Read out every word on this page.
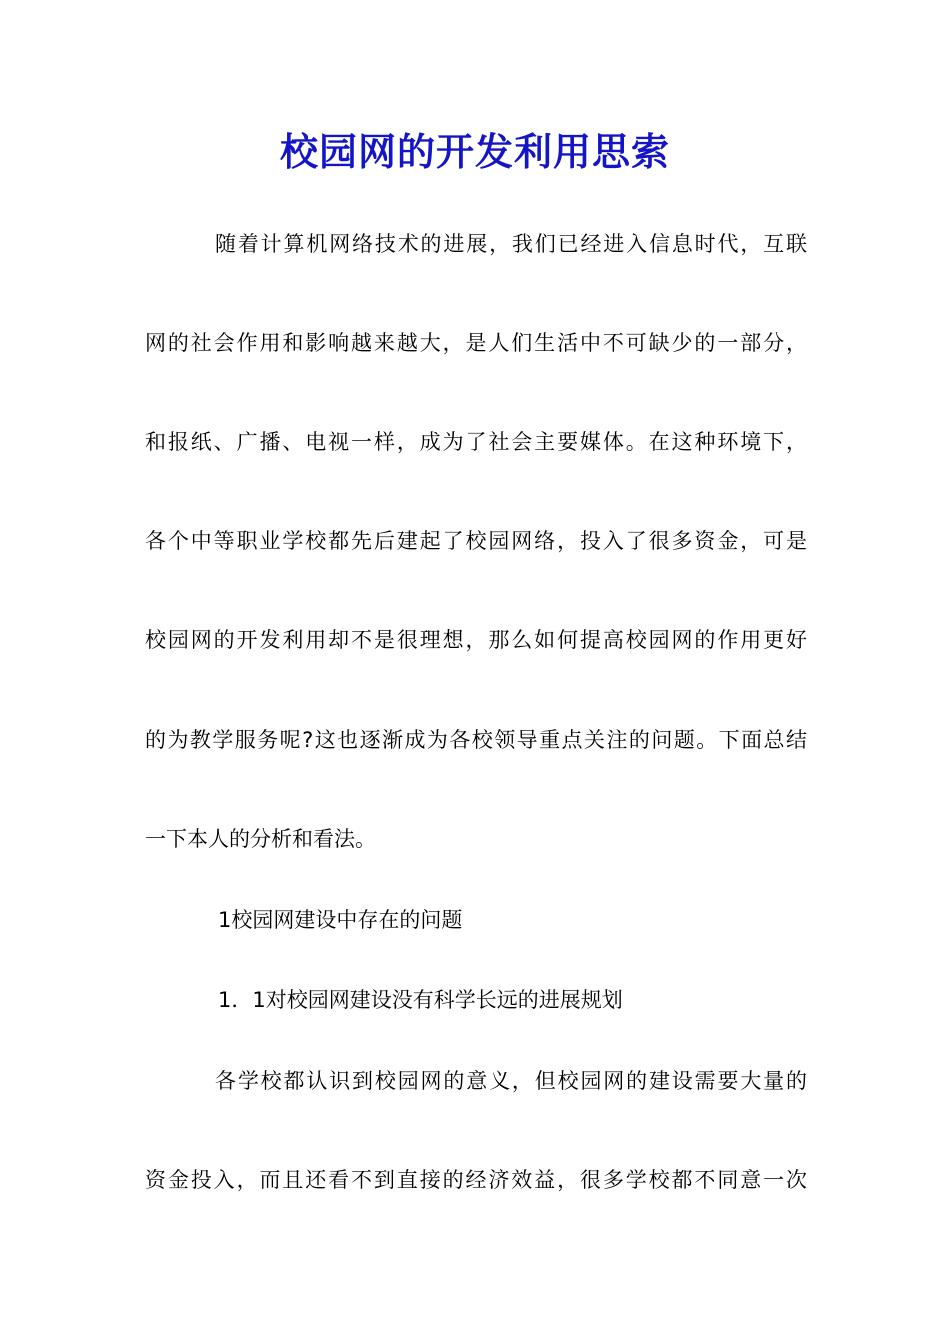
校园网的开发利用思索

随着计算机网络技术的进展，我们已经进入信息时代，互联

网的社会作用和影响越来越大，是人们生活中不可缺少的一部分，

和报纸、广播、电视一样，成为了社会主要媒体。在这种环境下，

各个中等职业学校都先后建起了校园网络，投入了很多资金，可是

校园网的开发利用却不是很理想，那么如何提高校园网的作用更好

的为教学服务呢?这也逐渐成为各校领导重点关注的问题。下面总结

一下本人的分析和看法。

1校园网建设中存在的问题

1．1对校园网建设没有科学长远的进展规划

各学校都认识到校园网的意义，但校园网的建设需要大量的

资金投入，而且还看不到直接的经济效益，很多学校都不同意一次
